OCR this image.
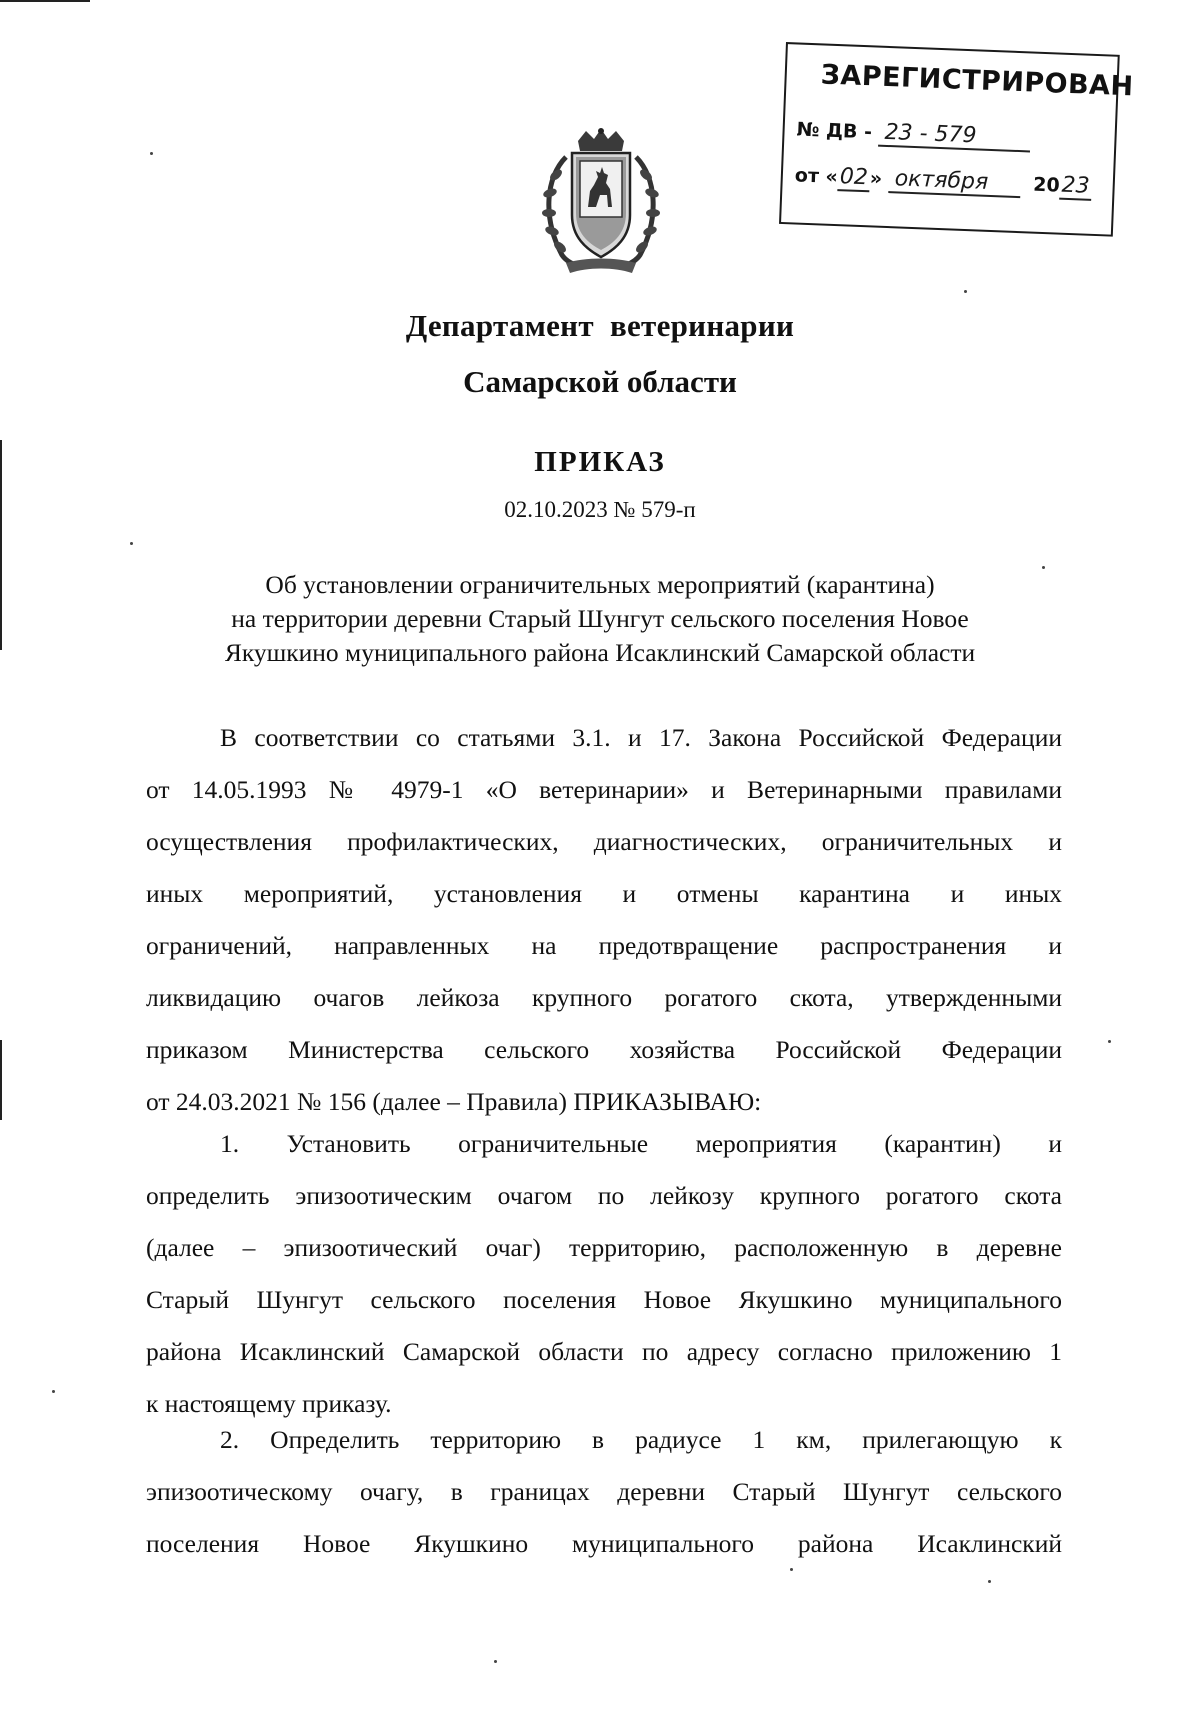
ЗАРЕГИСТРИРОВАН
№ ДВ - 23 - 579
от «02» октября 2023
Департамент  ветеринарии
Самарской области
ПРИКАЗ
02.10.2023 № 579-п
Об установлении ограничительных мероприятий (карантина)
на территории деревни Старый Шунгут сельского поселения Новое
Якушкино муниципального района Исаклинский Самарской области
В соответствии со статьями 3.1. и 17. Закона Российской Федерации
от 14.05.1993 № 4979-1 «О ветеринарии» и Ветеринарными правилами
осуществления профилактических, диагностических, ограничительных и
иных мероприятий, установления и отмены карантина и иных
ограничений, направленных на предотвращение распространения и
ликвидацию очагов лейкоза крупного рогатого скота, утвержденными
приказом Министерства сельского хозяйства Российской Федерации
от 24.03.2021 № 156 (далее – Правила) ПРИКАЗЫВАЮ:
1. Установить ограничительные мероприятия (карантин) и
определить эпизоотическим очагом по лейкозу крупного рогатого скота
(далее – эпизоотический очаг) территорию, расположенную в деревне
Старый Шунгут сельского поселения Новое Якушкино муниципального
района Исаклинский Самарской области по адресу согласно приложению 1
к настоящему приказу.
2. Определить территорию в радиусе 1 км, прилегающую к
эпизоотическому очагу, в границах деревни Старый Шунгут сельского
поселения Новое Якушкино муниципального района Исаклинский
